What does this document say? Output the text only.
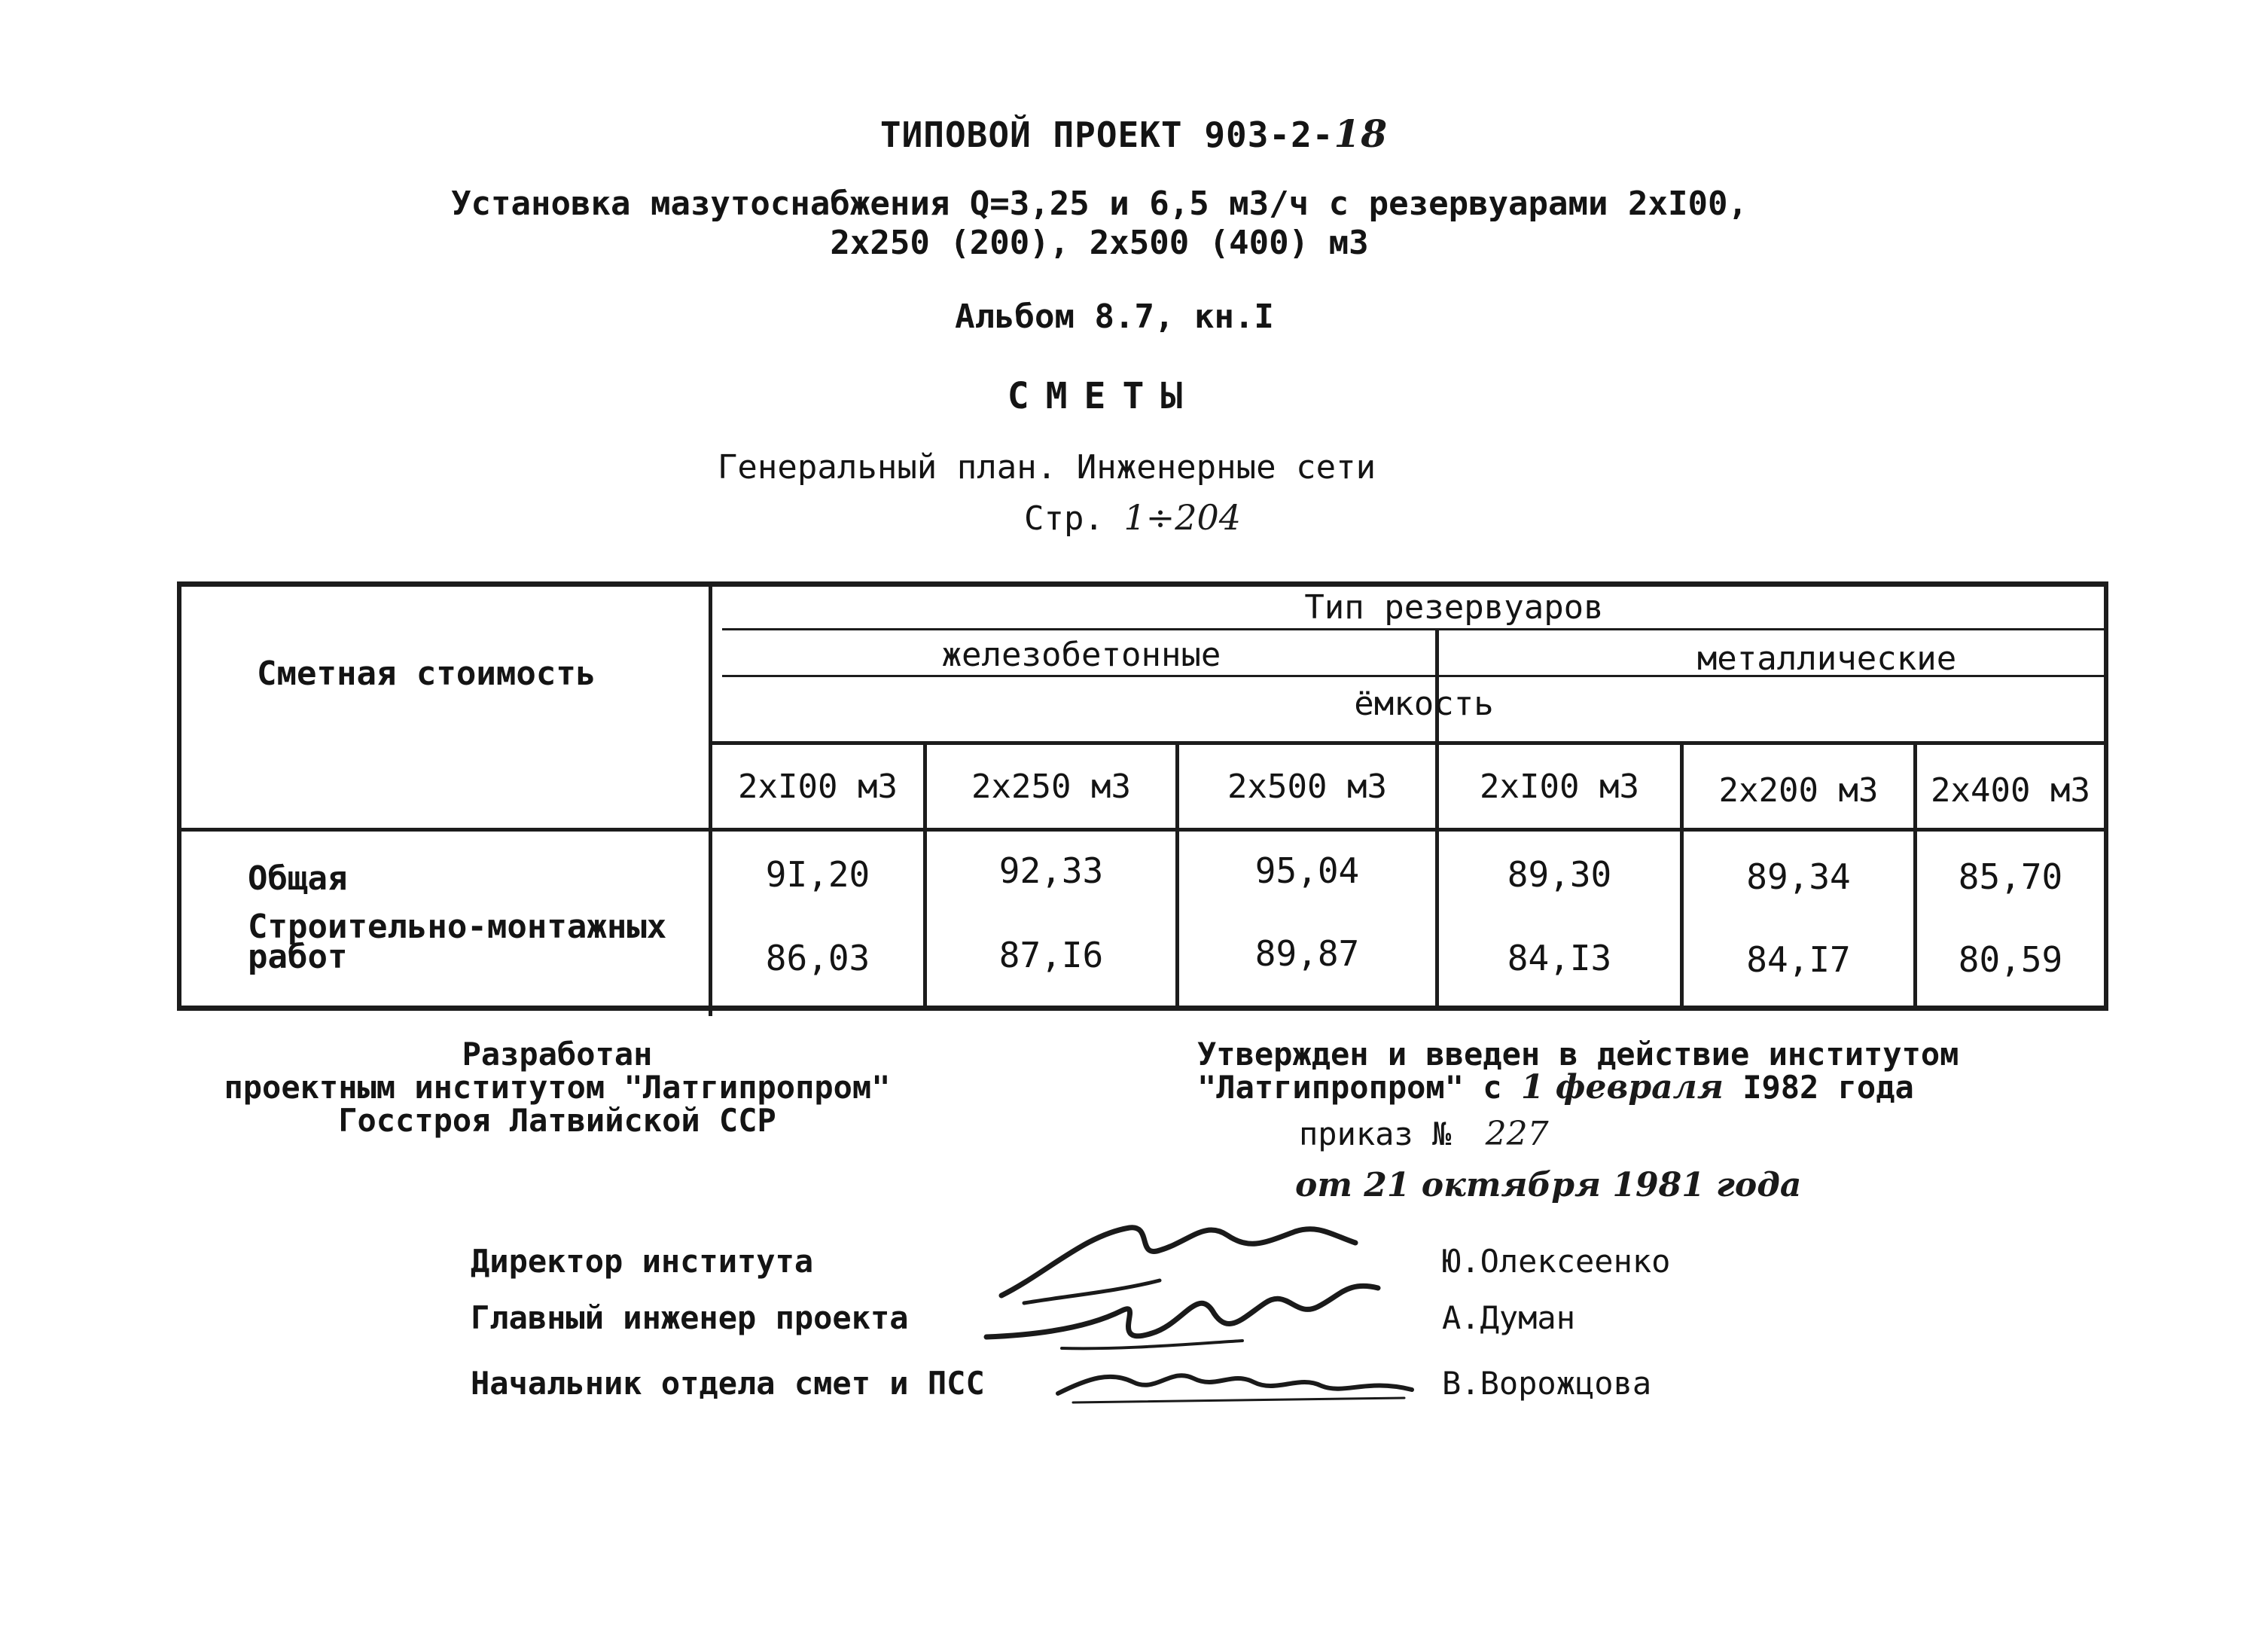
ТИПОВОЙ ПРОЕКТ 903-2-18
Установка мазутоснабжения Q=3,25 и 6,5 м3/ч с резервуарами 2хI00,
2х250 (200), 2х500 (400) м3
Альбом 8.7, кн.I
СМЕТЫ
Генеральный план. Инженерные сети
Стр. 1÷204
Сметная стоимость
Тип резервуаров
железобетонные	металлические
ёмкость
2хI00 м3	2х250 м3	2х500 м3	2хI00 м3	2х200 м3	2х400 м3
Общая	9I,20	92,33	95,04	89,30	89,34	85,70
Строительно-монтажных
работ	86,03	87,I6	89,87	84,I3	84,I7	80,59
Разработан
проектным институтом "Латгипропром"
Госстроя Латвийской ССР
Утвержден и введен в действие институтом
"Латгипропром" с 1 февраля I982 года
приказ № 227
от 21 октября 1981 года
Директор института	Ю.Олексеенко
Главный инженер проекта	А.Думан
Начальник отдела смет и ПСС	В.Ворожцова
